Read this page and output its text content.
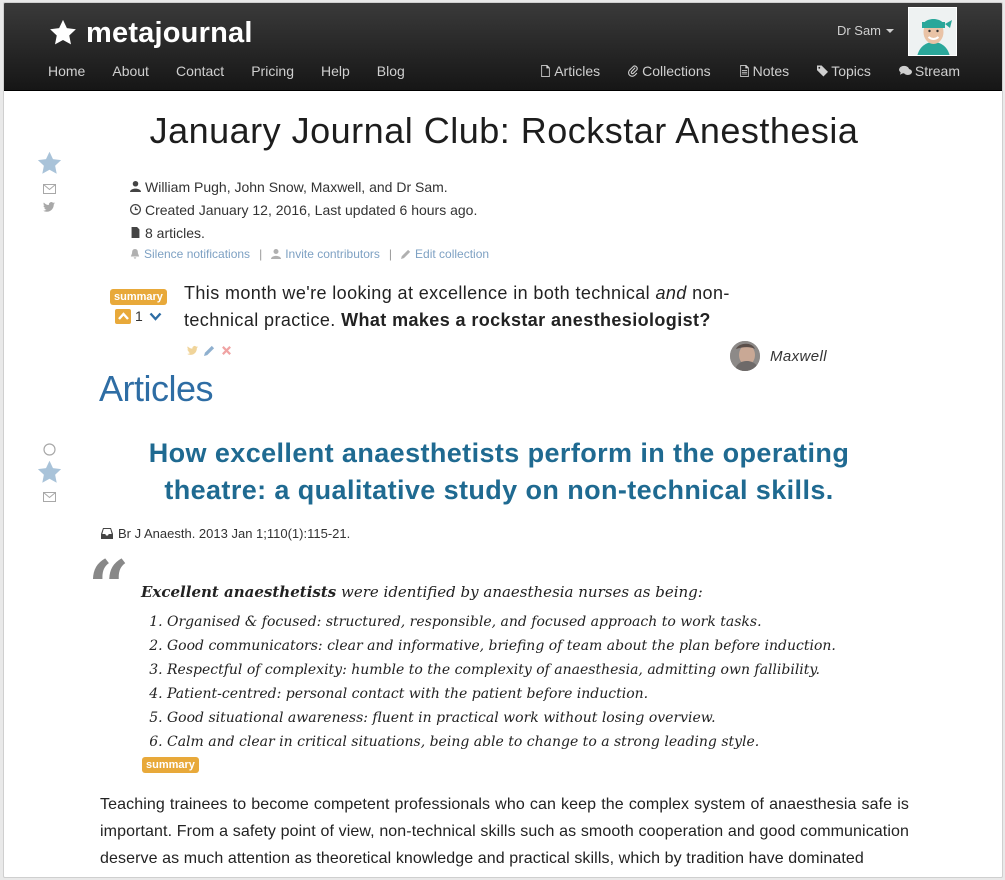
metajournal	Dr Sam
Home About Contact Pricing Help Blog	Articles	Collections	Notes	Topics	Stream
January Journal Club: Rockstar Anesthesia
William Pugh, John Snow, Maxwell, and Dr Sam.
Created January 12, 2016, Last updated 6 hours ago.
8 articles.
Silence notifications | Invite contributors | Edit collection
summary
1
This month we're looking at excellence in both technical and non-technical practice. What makes a rockstar anesthesiologist?
Maxwell
Articles
How excellent anaesthetists perform in the operating theatre: a qualitative study on non-technical skills.
Br J Anaesth. 2013 Jan 1;110(1):115-21.
“ Excellent anaesthetists were identified by anaesthesia nurses as being:

1. Organised & focused: structured, responsible, and focused approach to work tasks.
2. Good communicators: clear and informative, briefing of team about the plan before induction.
3. Respectful of complexity: humble to the complexity of anaesthesia, admitting own fallibility.
4. Patient-centred: personal contact with the patient before induction.
5. Good situational awareness: fluent in practical work without losing overview.
6. Calm and clear in critical situations, being able to change to a strong leading style.
summary

Teaching trainees to become competent professionals who can keep the complex system of anaesthesia safe is important. From a safety point of view, non-technical skills such as smooth cooperation and good communication deserve as much attention as theoretical knowledge and practical skills, which by tradition have dominated
